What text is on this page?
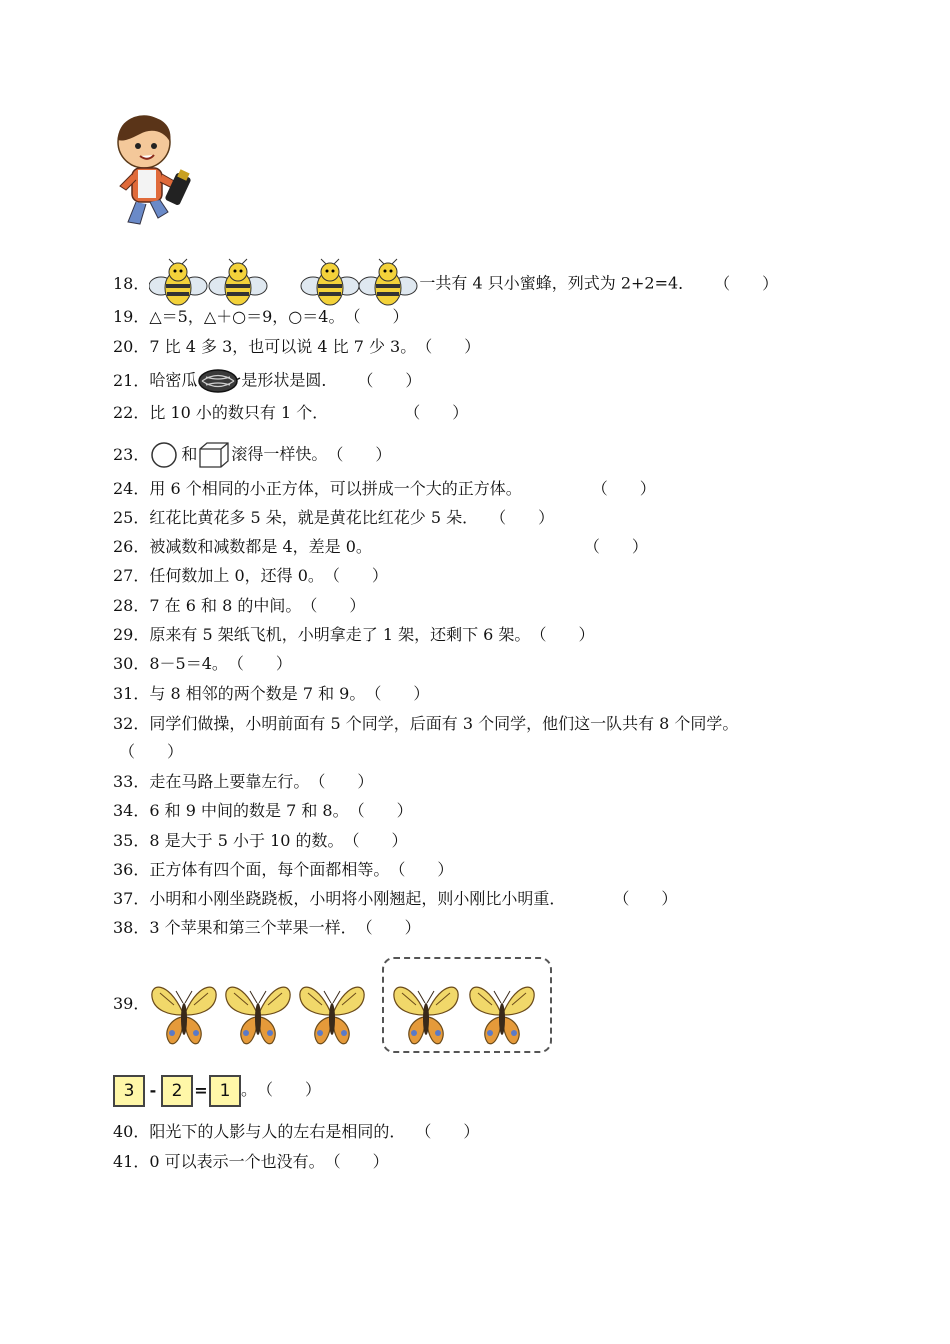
18．	一共有 4 只小蜜蜂，列式为 2+2=4． （　　）
19．△＝5，△＋○＝9，○＝4。（　　）
20．7 比 4 多 3，也可以说 4 比 7 少 3。（　　）
21．哈密瓜	是形状是圆． （　　）
22．比 10 小的数只有 1 个．	（　　）
23． 和 滚得一样快。（　　）
24．用 6 个相同的小正方体，可以拼成一个大的正方体。	（　　）
25．红花比黄花多 5 朵，就是黄花比红花少 5 朵． （　　）
26．被减数和减数都是 4，差是 0。	（　　）
27．任何数加上 0，还得 0。（　　）
28．7 在 6 和 8 的中间。（　　）
29．原来有 5 架纸飞机，小明拿走了 1 架，还剩下 6 架。（　　）
30．8－5＝4。（　　）
31．与 8 相邻的两个数是 7 和 9。（　　）
32．同学们做操，小明前面有 5 个同学，后面有 3 个同学，他们这一队共有 8 个同学。
（　　）
33．走在马路上要靠左行。（　　）
34．6 和 9 中间的数是 7 和 8。（　　）
35．8 是大于 5 小于 10 的数。（　　）
36．正方体有四个面，每个面都相等。（　　）
37．小明和小刚坐跷跷板，小明将小刚翘起，则小刚比小明重．	（　　）
38．3 个苹果和第三个苹果一样．（　　）
39．
3 - 2 = 1 。（　　）
40．阳光下的人影与人的左右是相同的． （　　）
41．0 可以表示一个也没有。（　　）
